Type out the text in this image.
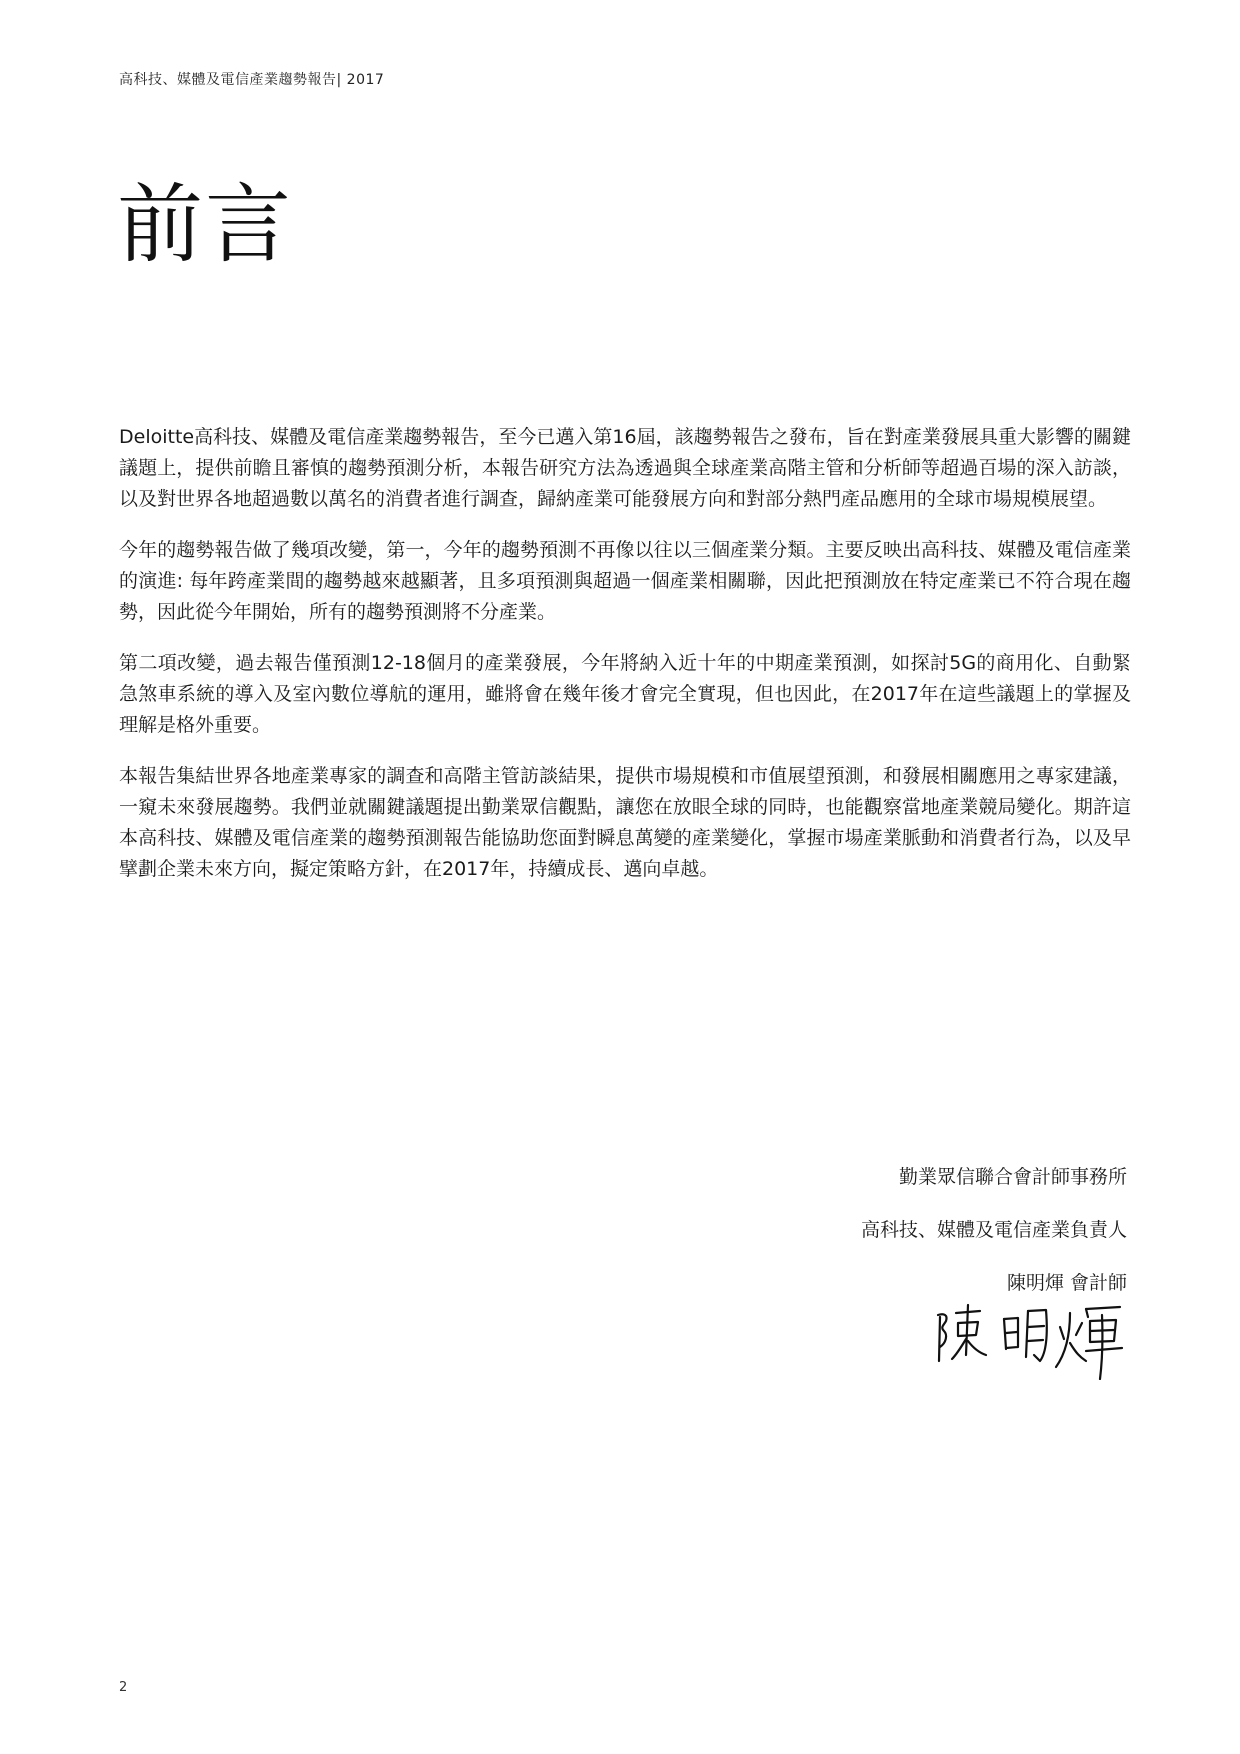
高科技、媒體及電信產業趨勢報告| 2017
前言

Deloitte高科技、媒體及電信產業趨勢報告，至今已邁入第16屆，該趨勢報告之發布，旨在對產業發展具重大影響的關鍵議題上，提供前瞻且審慎的趨勢預測分析，本報告研究方法為透過與全球產業高階主管和分析師等超過百場的深入訪談，以及對世界各地超過數以萬名的消費者進行調查，歸納產業可能發展方向和對部分熱門產品應用的全球市場規模展望。

今年的趨勢報告做了幾項改變，第一，今年的趨勢預測不再像以往以三個產業分類。主要反映出高科技、媒體及電信產業的演進: 每年跨產業間的趨勢越來越顯著，且多項預測與超過一個產業相關聯，因此把預測放在特定產業已不符合現在趨勢，因此從今年開始，所有的趨勢預測將不分產業。

第二項改變，過去報告僅預測12-18個月的產業發展，今年將納入近十年的中期產業預測，如探討5G的商用化、自動緊急煞車系統的導入及室內數位導航的運用，雖將會在幾年後才會完全實現，但也因此，在2017年在這些議題上的掌握及理解是格外重要。

本報告集結世界各地產業專家的調查和高階主管訪談結果，提供市場規模和市值展望預測，和發展相關應用之專家建議，一窺未來發展趨勢。我們並就關鍵議題提出勤業眾信觀點，讓您在放眼全球的同時，也能觀察當地產業競局變化。期許這本高科技、媒體及電信產業的趨勢預測報告能協助您面對瞬息萬變的產業變化，掌握市場產業脈動和消費者行為，以及早擘劃企業未來方向，擬定策略方針，在2017年，持續成長、邁向卓越。

勤業眾信聯合會計師事務所
高科技、媒體及電信產業負責人
陳明煇 會計師
2
